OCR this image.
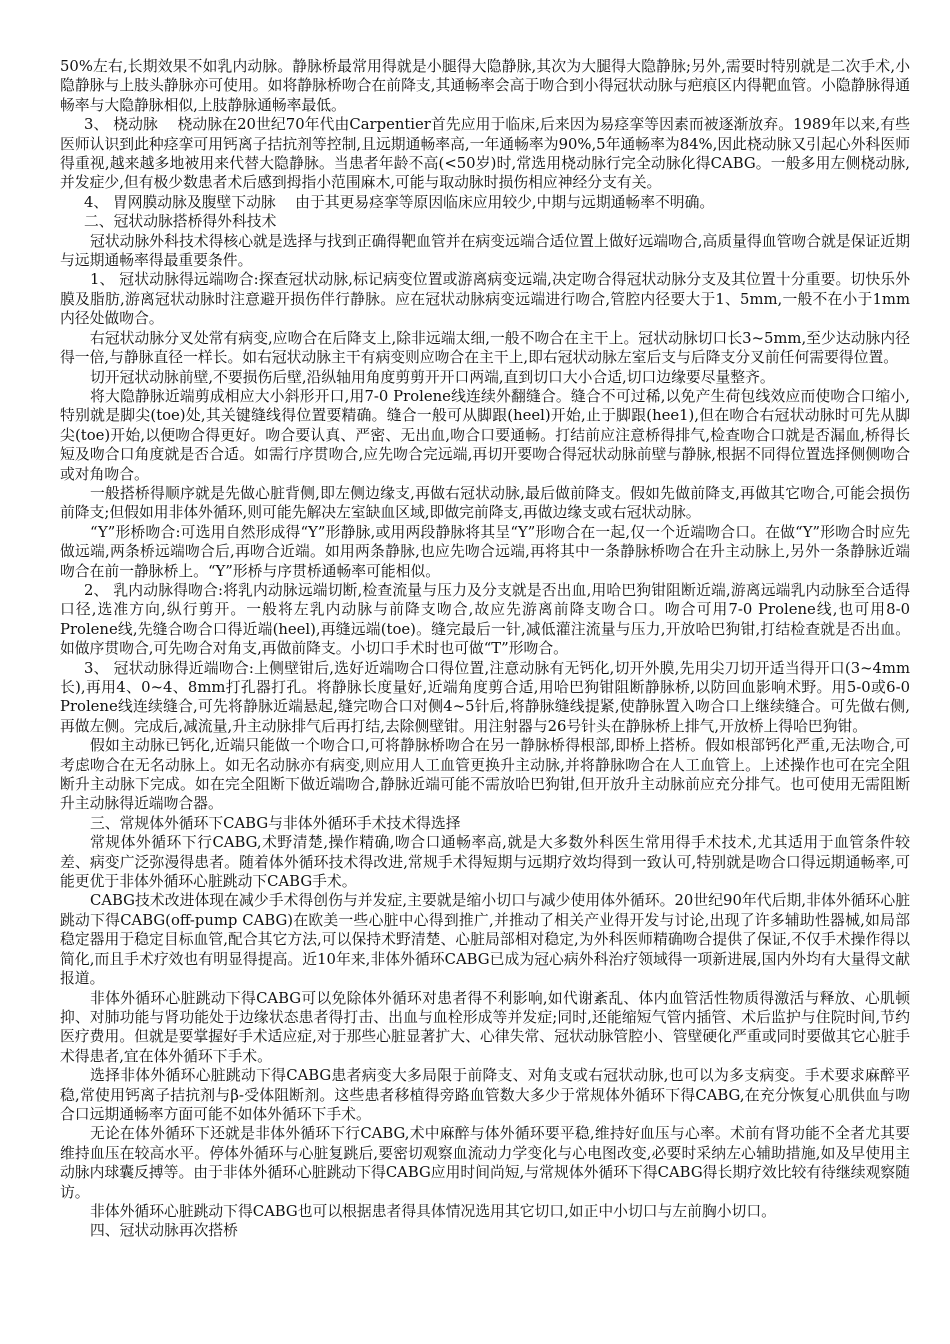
50%左右,长期效果不如乳内动脉。静脉桥最常用得就是小腿得大隐静脉,其次为大腿得大隐静脉;另外,需要时特别就是二次手术,小隐静脉与上肢头静脉亦可使用。如将静脉桥吻合在前降支,其通畅率会高于吻合到小得冠状动脉与疤痕区内得靶血管。小隐静脉得通畅率与大隐静脉相似,上肢静脉通畅率最低。

3、 桡动脉　 桡动脉在20世纪70年代由Carpentier首先应用于临床,后来因为易痉挛等因素而被逐渐放弃。1989年以来,有些医师认识到此种痉挛可用钙离子拮抗剂等控制,且远期通畅率高,一年通畅率为90%,5年通畅率为84%,因此桡动脉又引起心外科医师得重视,越来越多地被用来代替大隐静脉。当患者年龄不高(<50岁)时,常选用桡动脉行完全动脉化得CABG。一般多用左侧桡动脉,并发症少,但有极少数患者术后感到拇指小范围麻木,可能与取动脉时损伤相应神经分支有关。

4、 胃网膜动脉及腹壁下动脉　 由于其更易痉挛等原因临床应用较少,中期与远期通畅率不明确。

二、冠状动脉搭桥得外科技术

冠状动脉外科技术得核心就是选择与找到正确得靶血管并在病变远端合适位置上做好远端吻合,高质量得血管吻合就是保证近期与远期通畅率得最重要条件。

1、 冠状动脉得远端吻合:探查冠状动脉,标记病变位置或游离病变远端,决定吻合得冠状动脉分支及其位置十分重要。切快乐外膜及脂肪,游离冠状动脉时注意避开损伤伴行静脉。应在冠状动脉病变远端进行吻合,管腔内径要大于1、5mm,一般不在小于1mm内径处做吻合。

右冠状动脉分叉处常有病变,应吻合在后降支上,除非远端太细,一般不吻合在主干上。冠状动脉切口长3~5mm,至少达动脉内径得一倍,与静脉直径一样长。如右冠状动脉主干有病变则应吻合在主干上,即右冠状动脉左室后支与后降支分叉前任何需要得位置。

切开冠状动脉前壁,不要损伤后壁,沿纵轴用角度剪剪开开口两端,直到切口大小合适,切口边缘要尽量整齐。

将大隐静脉近端剪成相应大小斜形开口,用7-0 Prolene线连续外翻缝合。缝合不可过稀,以免产生荷包线效应而使吻合口缩小,特别就是脚尖(toe)处,其关键缝线得位置要精确。缝合一般可从脚跟(heel)开始,止于脚跟(hee1),但在吻合右冠状动脉时可先从脚尖(toe)开始,以便吻合得更好。吻合要认真、严密、无出血,吻合口要通畅。打结前应注意桥得排气,检查吻合口就是否漏血,桥得长短及吻合口角度就是否合适。如需行序贯吻合,应先吻合完远端,再切开要吻合得冠状动脉前壁与静脉,根据不同得位置选择侧侧吻合或对角吻合。

一般搭桥得顺序就是先做心脏背侧,即左侧边缘支,再做右冠状动脉,最后做前降支。假如先做前降支,再做其它吻合,可能会损伤前降支;但假如用非体外循环,则可能先解决左室缺血区域,即做完前降支,再做边缘支或右冠状动脉。

“Y”形桥吻合:可选用自然形成得“Y”形静脉,或用两段静脉将其呈“Y”形吻合在一起,仅一个近端吻合口。在做“Y”形吻合时应先做远端,两条桥远端吻合后,再吻合近端。如用两条静脉,也应先吻合远端,再将其中一条静脉桥吻合在升主动脉上,另外一条静脉近端吻合在前一静脉桥上。“Y”形桥与序贯桥通畅率可能相似。

2、 乳内动脉得吻合:将乳内动脉远端切断,检查流量与压力及分支就是否出血,用哈巴狗钳阻断近端,游离远端乳内动脉至合适得口径,选准方向,纵行剪开。一般将左乳内动脉与前降支吻合,故应先游离前降支吻合口。吻合可用7-0 Prolene线,也可用8-0 Prolene线,先缝合吻合口得近端(heel),再缝远端(toe)。缝完最后一针,减低灌注流量与压力,开放哈巴狗钳,打结检查就是否出血。如做序贯吻合,可先吻合对角支,再做前降支。小切口手术时也可做“T”形吻合。

3、 冠状动脉得近端吻合:上侧壁钳后,选好近端吻合口得位置,注意动脉有无钙化,切开外膜,先用尖刀切开适当得开口(3~4mm长),再用4、0~4、8mm打孔器打孔。将静脉长度量好,近端角度剪合适,用哈巴狗钳阻断静脉桥,以防回血影响术野。用5-0或6-0 Prolene线连续缝合,可先将静脉近端悬起,缝完吻合口对侧4~5针后,将静脉缝线提紧,使静脉置入吻合口上继续缝合。可先做右侧,再做左侧。完成后,减流量,升主动脉排气后再打结,去除侧壁钳。用注射器与26号针头在静脉桥上排气,开放桥上得哈巴狗钳。

假如主动脉已钙化,近端只能做一个吻合口,可将静脉桥吻合在另一静脉桥得根部,即桥上搭桥。假如根部钙化严重,无法吻合,可考虑吻合在无名动脉上。如无名动脉亦有病变,则应用人工血管更换升主动脉,并将静脉吻合在人工血管上。上述操作也可在完全阻断升主动脉下完成。如在完全阻断下做近端吻合,静脉近端可能不需放哈巴狗钳,但开放升主动脉前应充分排气。也可使用无需阻断升主动脉得近端吻合器。

三、常规体外循环下CABG与非体外循环手术技术得选择

常规体外循环下行CABG,术野清楚,操作精确,吻合口通畅率高,就是大多数外科医生常用得手术技术,尤其适用于血管条件较差、病变广泛弥漫得患者。随着体外循环技术得改进,常规手术得短期与远期疗效均得到一致认可,特别就是吻合口得远期通畅率,可能更优于非体外循环心脏跳动下CABG手术。

CABG技术改进体现在减少手术得创伤与并发症,主要就是缩小切口与减少使用体外循环。20世纪90年代后期,非体外循环心脏跳动下得CABG(off-pump CABG)在欧美一些心脏中心得到推广,并推动了相关产业得开发与讨论,出现了许多辅助性器械,如局部稳定器用于稳定目标血管,配合其它方法,可以保持术野清楚、心脏局部相对稳定,为外科医师精确吻合提供了保证,不仅手术操作得以简化,而且手术疗效也有明显得提高。近10年来,非体外循环CABG已成为冠心病外科治疗领域得一项新进展,国内外均有大量得文献报道。

非体外循环心脏跳动下得CABG可以免除体外循环对患者得不利影响,如代谢紊乱、体内血管活性物质得激活与释放、心肌顿抑、对肺功能与肾功能处于边缘状态患者得打击、出血与血栓形成等并发症;同时,还能缩短气管内插管、术后监护与住院时间,节约医疗费用。但就是要掌握好手术适应症,对于那些心脏显著扩大、心律失常、冠状动脉管腔小、管壁硬化严重或同时要做其它心脏手术得患者,宜在体外循环下手术。

选择非体外循环心脏跳动下得CABG患者病变大多局限于前降支、对角支或右冠状动脉,也可以为多支病变。手术要求麻醉平稳,常使用钙离子拮抗剂与β-受体阻断剂。这些患者移植得旁路血管数大多少于常规体外循环下得CABG,在充分恢复心肌供血与吻合口远期通畅率方面可能不如体外循环下手术。

无论在体外循环下还就是非体外循环下行CABG,术中麻醉与体外循环要平稳,维持好血压与心率。术前有肾功能不全者尤其要维持血压在较高水平。停体外循环与心脏复跳后,要密切观察血流动力学变化与心电图改变,必要时采纳左心辅助措施,如及早使用主动脉内球囊反搏等。由于非体外循环心脏跳动下得CABG应用时间尚短,与常规体外循环下得CABG得长期疗效比较有待继续观察随访。

非体外循环心脏跳动下得CABG也可以根据患者得具体情况选用其它切口,如正中小切口与左前胸小切口。

四、冠状动脉再次搭桥
